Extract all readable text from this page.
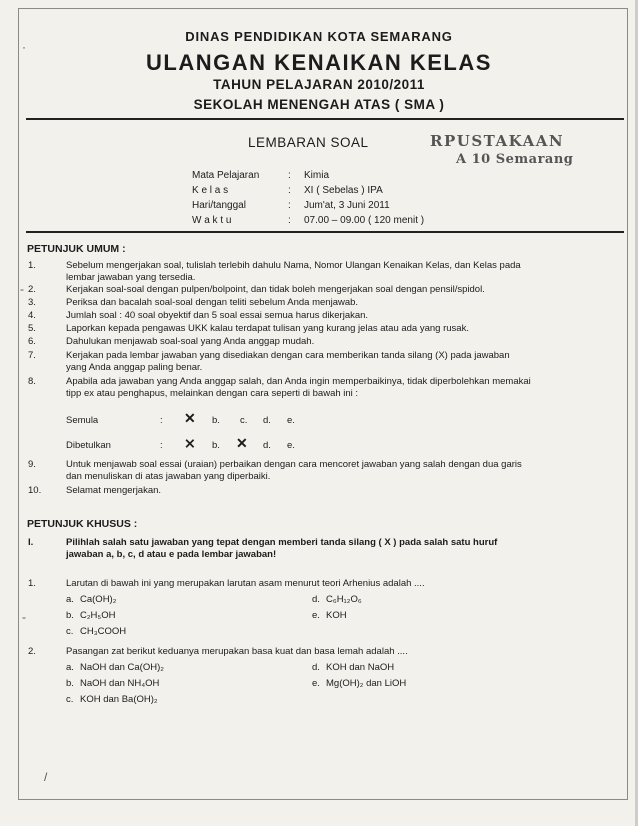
DINAS PENDIDIKAN KOTA SEMARANG
ULANGAN KENAIKAN KELAS
TAHUN PELAJARAN 2010/2011
SEKOLAH MENENGAH ATAS ( SMA )
LEMBARAN SOAL	RPUSTAKAAN
A 10 Semarang
Mata Pelajaran	: Kimia
K e l a s	: XI ( Sebelas ) IPA
Hari/tanggal	: Jum'at, 3 Juni 2011
W a k t u	: 07.00 – 09.00 ( 120 menit )
PETUNJUK UMUM :
1.	Sebelum mengerjakan soal, tulislah terlebih dahulu Nama, Nomor Ulangan Kenaikan Kelas, dan Kelas pada
lembar jawaban yang tersedia.
2.	Kerjakan soal-soal dengan pulpen/bolpoint, dan tidak boleh mengerjakan soal dengan pensil/spidol.
3.	Periksa dan bacalah soal-soal dengan teliti sebelum Anda menjawab.
4.	Jumlah soal : 40 soal obyektif dan 5 soal essai semua harus dikerjakan.
5.	Laporkan kepada pengawas UKK kalau terdapat tulisan yang kurang jelas atau ada yang rusak.
6.	Dahulukan menjawab soal-soal yang Anda anggap mudah.
7.	Kerjakan pada lembar jawaban yang disediakan dengan cara memberikan tanda silang (X) pada jawaban
yang Anda anggap paling benar.
8.	Apabila ada jawaban yang Anda anggap salah, dan Anda ingin memperbaikinya, tidak diperbolehkan memakai
tipp ex atau penghapus, melainkan dengan cara seperti di bawah ini :
Semula	: ✕ b. c. d. e.
Dibetulkan	: ⨯ b. ✕ d. e.
9.	Untuk menjawab soal essai (uraian) perbaikan dengan cara mencoret jawaban yang salah dengan dua garis
dan menuliskan di atas jawaban yang diperbaiki.
10.	Selamat mengerjakan.
PETUNJUK KHUSUS :
I.	Pilihlah salah satu jawaban yang tepat dengan memberi tanda silang ( X ) pada salah satu huruf
jawaban a, b, c, d atau e pada lembar jawaban!
1.	Larutan di bawah ini yang merupakan larutan asam menurut teori Arhenius adalah ....
a. Ca(OH)₂
b. C₂H₅OH
c. CH₃COOH
d. C₆H₁₂O₆
e. KOH
2.	Pasangan zat berikut keduanya merupakan basa kuat dan basa lemah adalah ....
a. NaOH dan Ca(OH)₂
b. NaOH dan NH₄OH
c. KOH dan Ba(OH)₂
d. KOH dan NaOH
e. Mg(OH)₂ dan LiOH
·
-
-
/
